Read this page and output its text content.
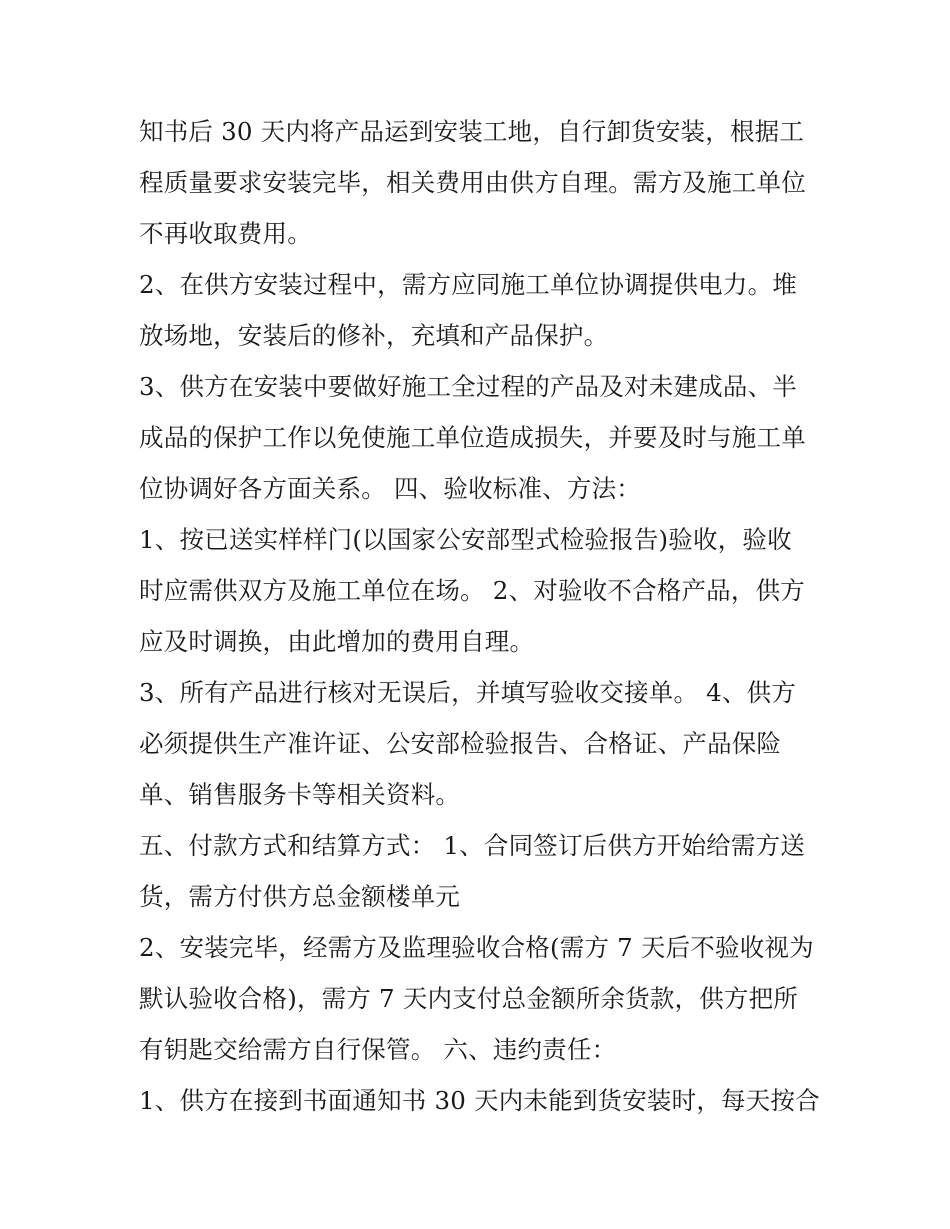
知书后 30 天内将产品运到安装工地，自行卸货安装，根据工
程质量要求安装完毕，相关费用由供方自理。需方及施工单位
不再收取费用。
2、在供方安装过程中，需方应同施工单位协调提供电力。堆
放场地，安装后的修补，充填和产品保护。
3、供方在安装中要做好施工全过程的产品及对未建成品、半
成品的保护工作以免使施工单位造成损失，并要及时与施工单
位协调好各方面关系。 四、验收标准、方法：
1、按已送实样样门(以国家公安部型式检验报告)验收，验收
时应需供双方及施工单位在场。 2、对验收不合格产品，供方
应及时调换，由此增加的费用自理。
3、所有产品进行核对无误后，并填写验收交接单。 4、供方
必须提供生产准许证、公安部检验报告、合格证、产品保险
单、销售服务卡等相关资料。
五、付款方式和结算方式： 1、合同签订后供方开始给需方送
货，需方付供方总金额楼单元
2、安装完毕，经需方及监理验收合格(需方 7 天后不验收视为
默认验收合格)，需方 7 天内支付总金额所余货款，供方把所
有钥匙交给需方自行保管。 六、违约责任：
1、供方在接到书面通知书 30 天内未能到货安装时，每天按合
